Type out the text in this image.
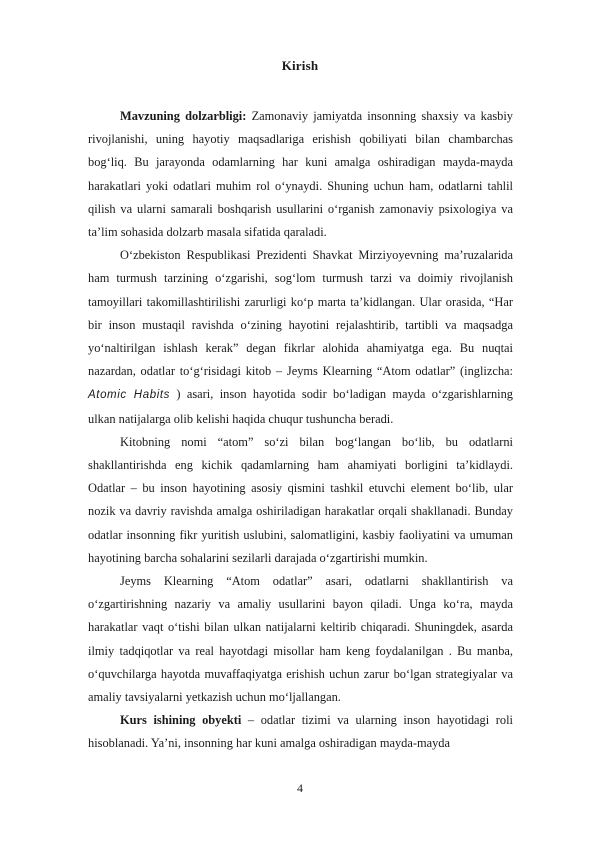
Kirish

Mavzuning dolzarbligi: Zamonaviy jamiyatda insonning shaxsiy va kasbiy rivojlanishi, uning hayotiy maqsadlariga erishish qobiliyati bilan chambarchas bog‘liq. Bu jarayonda odamlarning har kuni amalga oshiradigan mayda-mayda harakatlari yoki odatlari muhim rol o‘ynaydi. Shuning uchun ham, odatlarni tahlil qilish va ularni samarali boshqarish usullarini o‘rganish zamonaviy psixologiya va ta’lim sohasida dolzarb masala sifatida qaraladi.

O‘zbekiston Respublikasi Prezidenti Shavkat Mirziyoyevning ma’ruzalarida ham turmush tarzining o‘zgarishi, sog‘lom turmush tarzi va doimiy rivojlanish tamoyillari takomillashtirilishi zarurligi ko‘p marta ta’kidlangan. Ular orasida, “Har bir inson mustaqil ravishda o‘zining hayotini rejalashtirib, tartibli va maqsadga yo‘naltirilgan ishlash kerak” degan fikrlar alohida ahamiyatga ega. Bu nuqtai nazardan, odatlar to‘g‘risidagi kitob – Jeyms Klearning “Atom odatlar” (inglizcha: Atomic Habits ) asari, inson hayotida sodir bo‘ladigan mayda o‘zgarishlarning ulkan natijalarga olib kelishi haqida chuqur tushuncha beradi.

Kitobning nomi “atom” so‘zi bilan bog‘langan bo‘lib, bu odatlarni shakllantirishda eng kichik qadamlarning ham ahamiyati borligini ta’kidlaydi. Odatlar – bu inson hayotining asosiy qismini tashkil etuvchi element bo‘lib, ular nozik va davriy ravishda amalga oshiriladigan harakatlar orqali shakllanadi. Bunday odatlar insonning fikr yuritish uslubini, salomatligini, kasbiy faoliyatini va umuman hayotining barcha sohalarini sezilarli darajada o‘zgartirishi mumkin.

Jeyms Klearning “Atom odatlar” asari, odatlarni shakllantirish va o‘zgartirishning nazariy va amaliy usullarini bayon qiladi. Unga ko‘ra, mayda harakatlar vaqt o‘tishi bilan ulkan natijalarni keltirib chiqaradi. Shuningdek, asarda ilmiy tadqiqotlar va real hayotdagi misollar ham keng foydalanilgan . Bu manba, o‘quvchilarga hayotda muvaffaqiyatga erishish uchun zarur bo‘lgan strategiyalar va amaliy tavsiyalarni yetkazish uchun mo‘ljallangan.

Kurs ishining obyekti – odatlar tizimi va ularning inson hayotidagi roli hisoblanadi. Ya’ni, insonning har kuni amalga oshiradigan mayda-mayda

4
